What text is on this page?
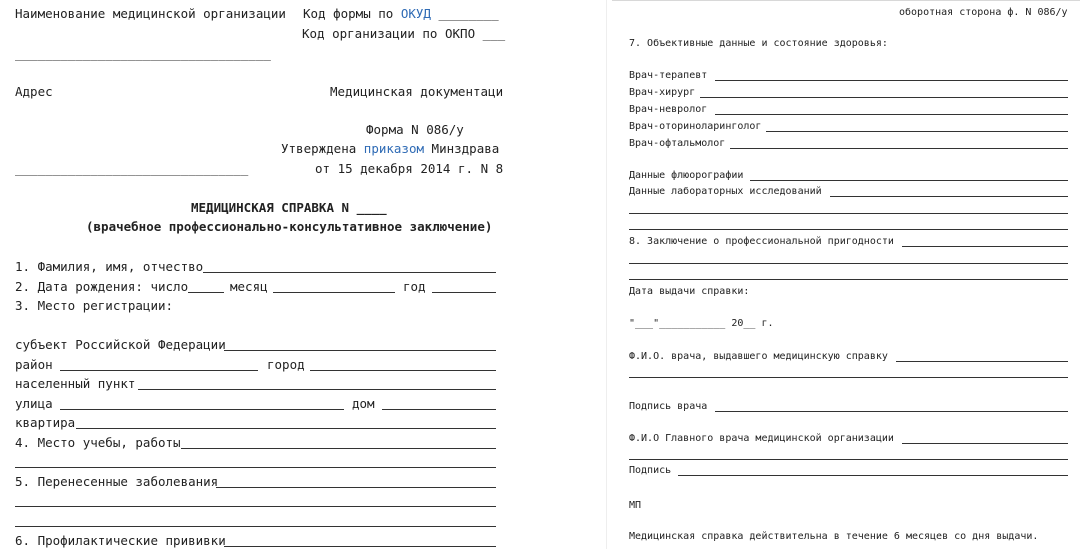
Наименование медицинской организации Код формы по ОКУД ________
Код организации по ОКПО ___
__________________________________
Адрес	Медицинская документаци
Форма N 086/у
Утверждена приказом Минздрава
_______________________________	от 15 декабря 2014 г. N 8
МЕДИЦИНСКАЯ СПРАВКА N ____
(врачебное профессионально-консультативное заключение)
1. Фамилия, имя, отчество
2. Дата рождения: число	месяц	год
3. Место регистрации:
субъект Российской Федерации
район	город
населенный пункт
улица	дом
квартира
4. Место учебы, работы
5. Перенесенные заболевания
6. Профилактические прививки
оборотная сторона ф. N 086/у
7. Объективные данные и состояние здоровья:
Врач-терапевт
Врач-хирург
Врач-невролог
Врач-оториноларинголог
Врач-офтальмолог
Данные флюорографии
Данные лабораторных исследований
8. Заключение о профессиональной пригодности
Дата выдачи справки:
"___"___________ 20__ г.
Ф.И.О. врача, выдавшего медицинскую справку
Подпись врача
Ф.И.О Главного врача медицинской организации
Подпись
МП
Медицинская справка действительна в течение 6 месяцев со дня выдачи.
